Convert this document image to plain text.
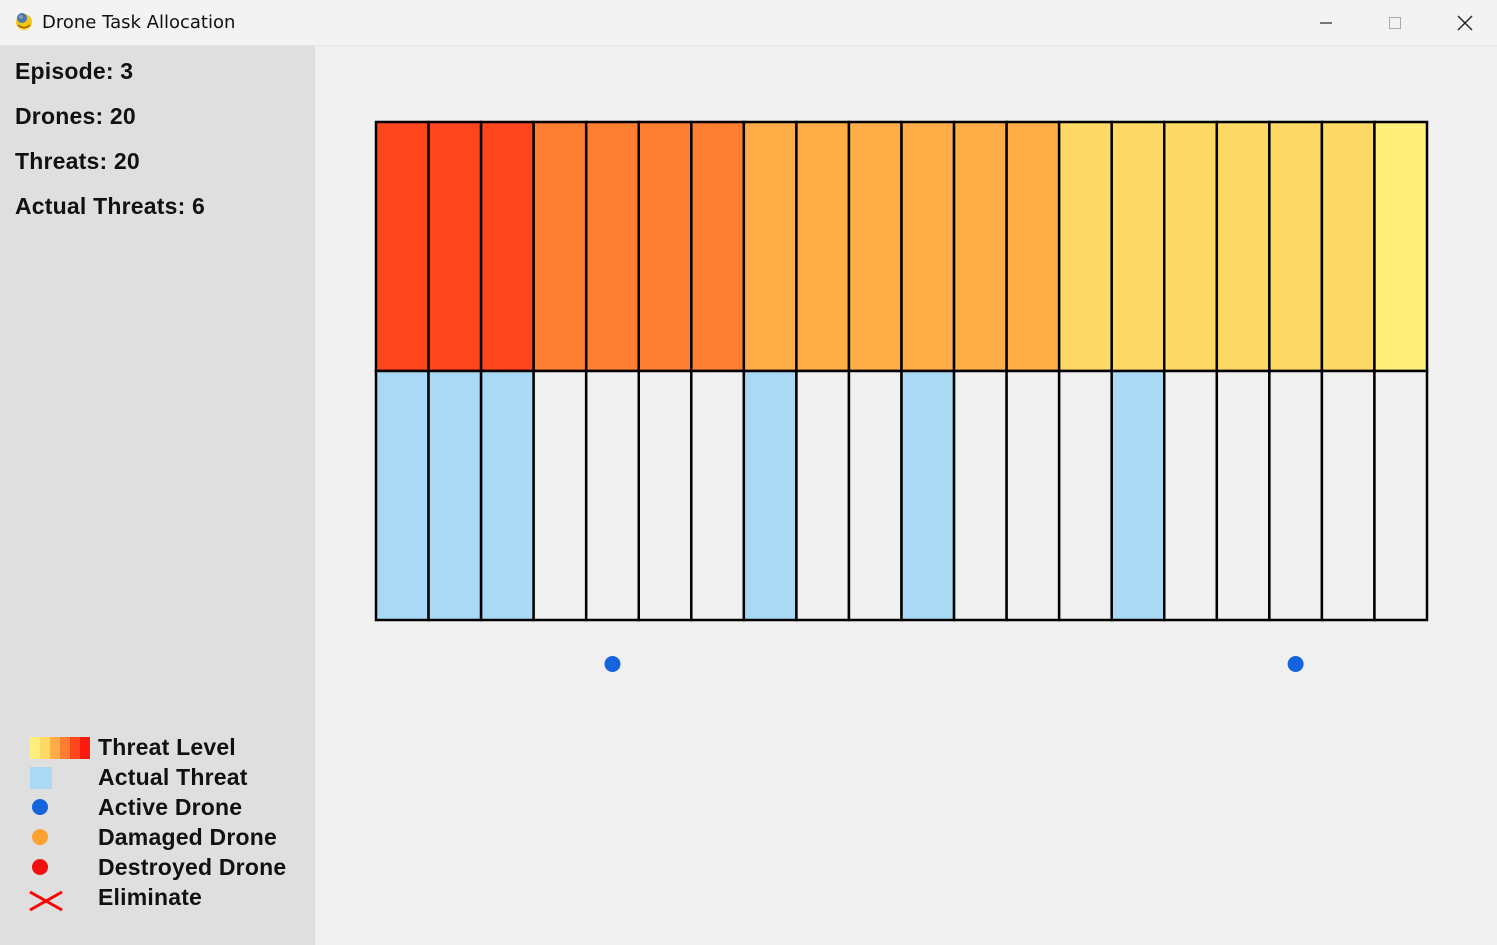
Drone Task Allocation
Episode: 3
Drones: 20
Threats: 20
Actual Threats: 6
Threat Level
Actual Threat
Active Drone
Damaged Drone
Destroyed Drone
Eliminate
